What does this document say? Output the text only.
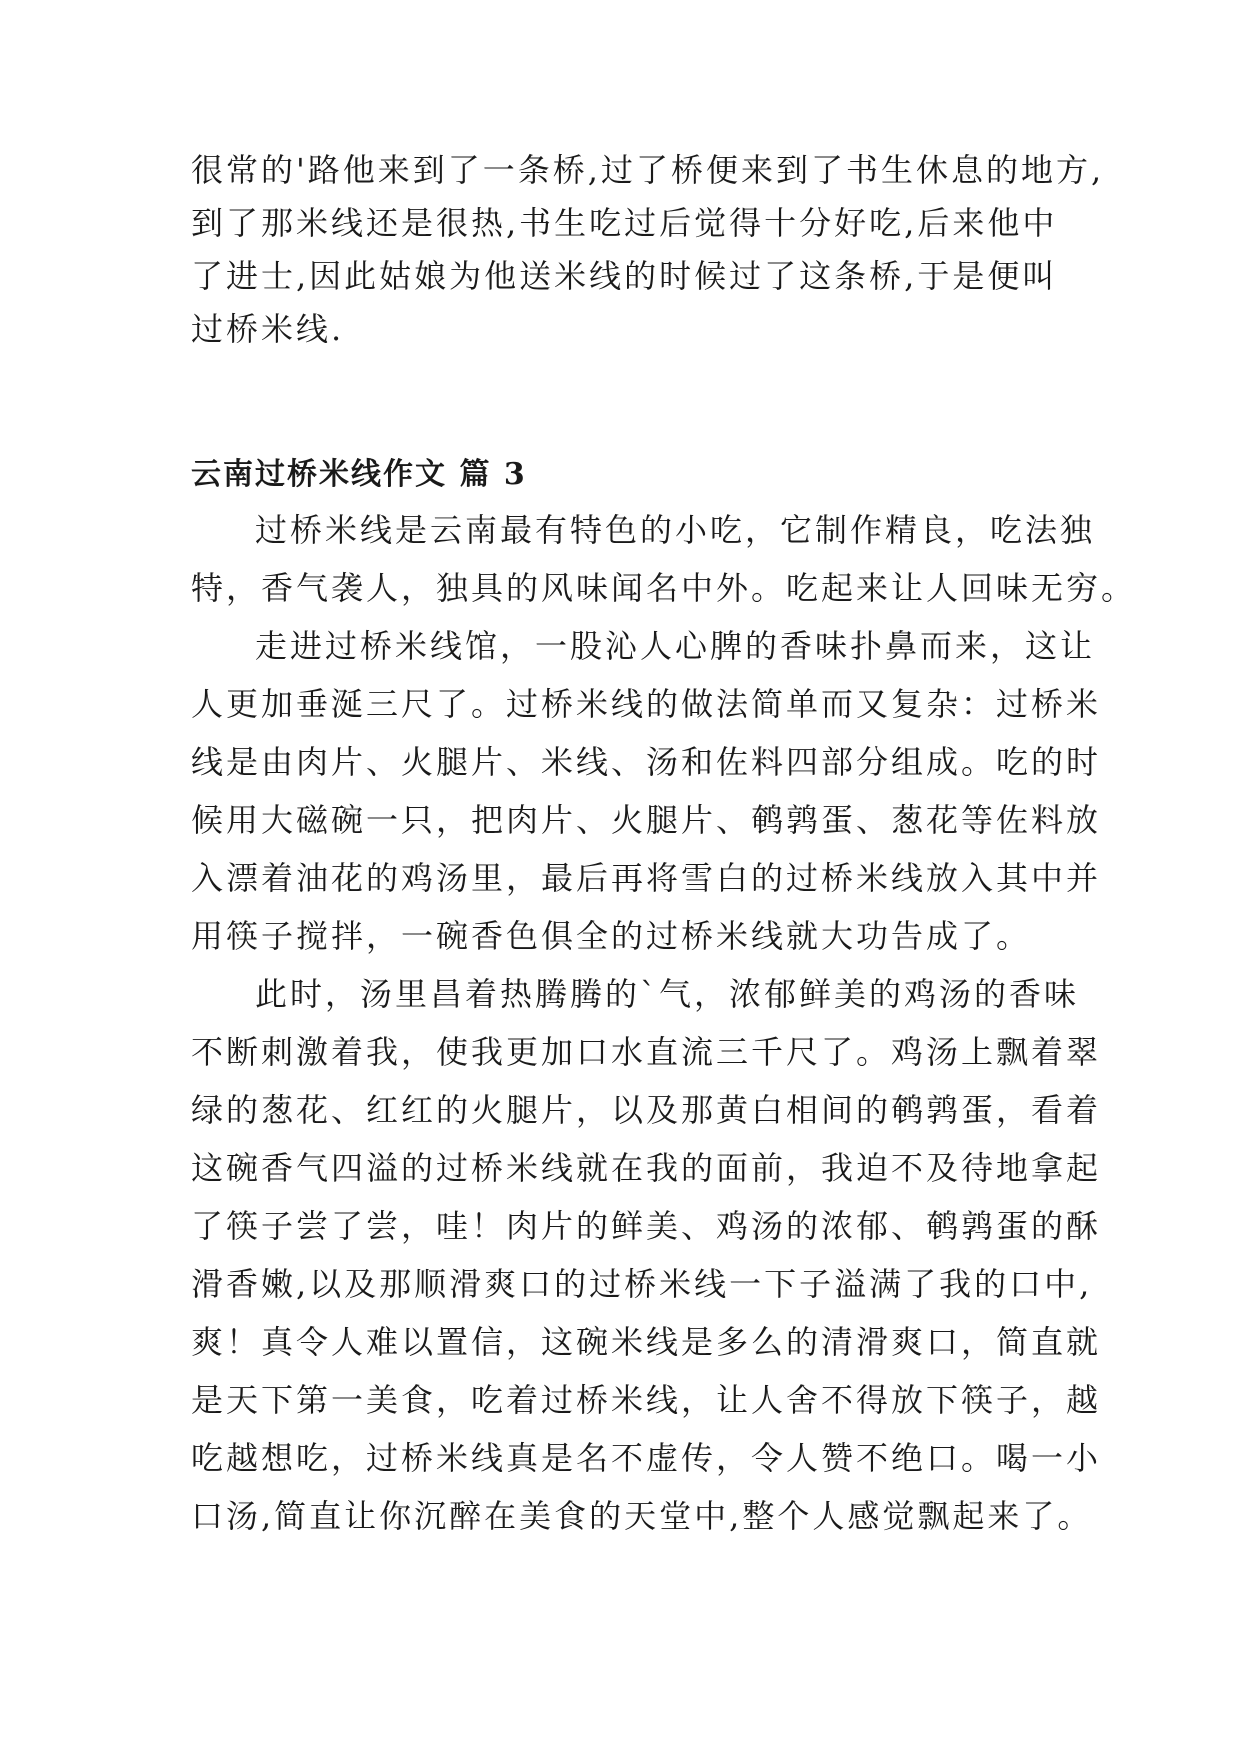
很常的'路他来到了一条桥,过了桥便来到了书生休息的地方,

到了那米线还是很热,书生吃过后觉得十分好吃,后来他中

了进士,因此姑娘为他送米线的时候过了这条桥,于是便叫

过桥米线.

云南过桥米线作文 篇 3

过桥米线是云南最有特色的小吃，它制作精良，吃法独

特，香气袭人，独具的风味闻名中外。吃起来让人回味无穷。

走进过桥米线馆，一股沁人心脾的香味扑鼻而来，这让

人更加垂涎三尺了。过桥米线的做法简单而又复杂：过桥米

线是由肉片、火腿片、米线、汤和佐料四部分组成。吃的时

候用大磁碗一只，把肉片、火腿片、鹌鹑蛋、葱花等佐料放

入漂着油花的鸡汤里，最后再将雪白的过桥米线放入其中并

用筷子搅拌，一碗香色俱全的过桥米线就大功告成了。

此时，汤里昌着热腾腾的`气，浓郁鲜美的鸡汤的香味

不断刺激着我，使我更加口水直流三千尺了。鸡汤上飘着翠

绿的葱花、红红的火腿片，以及那黄白相间的鹌鹑蛋，看着

这碗香气四溢的过桥米线就在我的面前，我迫不及待地拿起

了筷子尝了尝，哇！肉片的鲜美、鸡汤的浓郁、鹌鹑蛋的酥

滑香嫩,以及那顺滑爽口的过桥米线一下子溢满了我的口中,

爽！真令人难以置信，这碗米线是多么的清滑爽口，简直就

是天下第一美食，吃着过桥米线，让人舍不得放下筷子，越

吃越想吃，过桥米线真是名不虚传，令人赞不绝口。喝一小

口汤,简直让你沉醉在美食的天堂中,整个人感觉飘起来了。
